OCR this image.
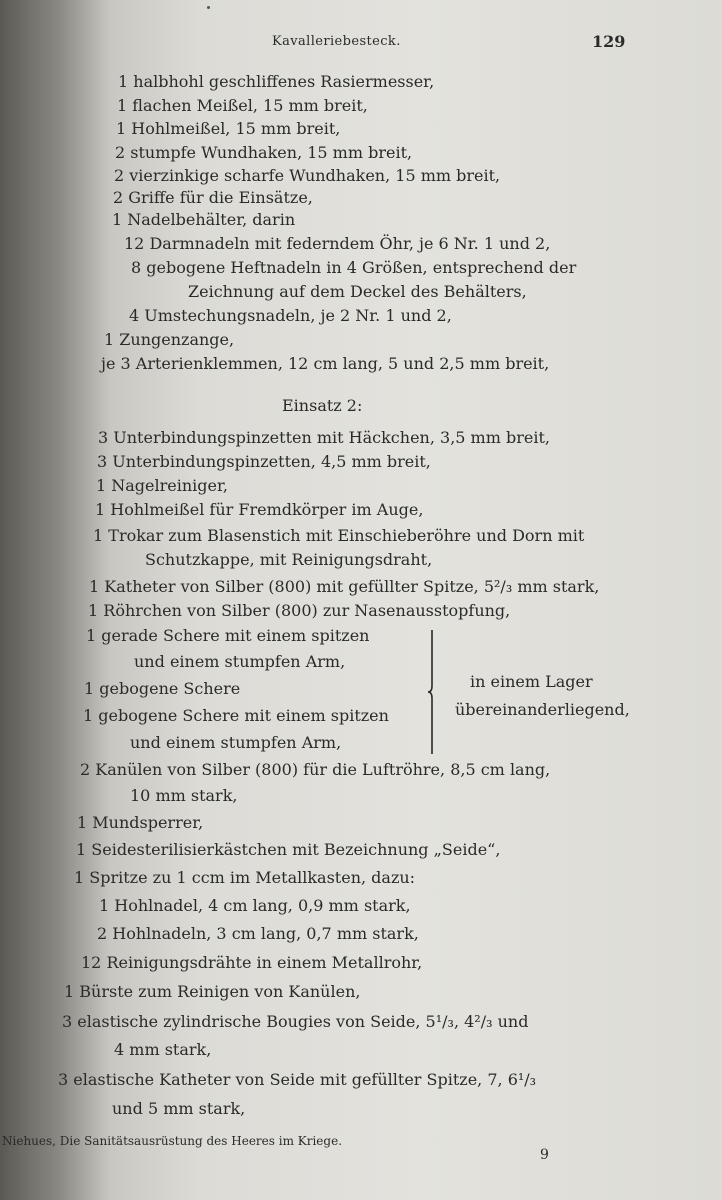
Kavalleriebesteck.	129
1 halbhohl geschliffenes Rasiermesser,
1 flachen Meißel, 15 mm breit,
1 Hohlmeißel, 15 mm breit,
2 stumpfe Wundhaken, 15 mm breit,
2 vierzinkige scharfe Wundhaken, 15 mm breit,
2 Griffe für die Einsätze,
1 Nadelbehälter, darin
12 Darmnadeln mit federndem Öhr, je 6 Nr. 1 und 2,
8 gebogene Heftnadeln in 4 Größen, entsprechend der
Zeichnung auf dem Deckel des Behälters,
4 Umstechungsnadeln, je 2 Nr. 1 und 2,
1 Zungenzange,
je 3 Arterienklemmen, 12 cm lang, 5 und 2,5 mm breit,
Einsatz 2:
3 Unterbindungspinzetten mit Häckchen, 3,5 mm breit,
3 Unterbindungspinzetten, 4,5 mm breit,
1 Nagelreiniger,
1 Hohlmeißel für Fremdkörper im Auge,
1 Trokar zum Blasenstich mit Einschieberöhre und Dorn mit
Schutzkappe, mit Reinigungsdraht,
1 Katheter von Silber (800) mit gefüllter Spitze, 5²/₃ mm stark,
1 Röhrchen von Silber (800) zur Nasenausstopfung,
1 gerade Schere mit einem spitzen
und einem stumpfen Arm,
1 gebogene Schere
1 gebogene Schere mit einem spitzen
und einem stumpfen Arm,
in einem Lager
übereinanderliegend,
2 Kanülen von Silber (800) für die Luftröhre, 8,5 cm lang,
10 mm stark,
1 Mundsperrer,
1 Seidesterilisierkästchen mit Bezeichnung „Seide“,
1 Spritze zu 1 ccm im Metallkasten, dazu:
1 Hohlnadel, 4 cm lang, 0,9 mm stark,
2 Hohlnadeln, 3 cm lang, 0,7 mm stark,
12 Reinigungsdrähte in einem Metallrohr,
1 Bürste zum Reinigen von Kanülen,
3 elastische zylindrische Bougies von Seide, 5¹/₃, 4²/₃ und
4 mm stark,
3 elastische Katheter von Seide mit gefüllter Spitze, 7, 6¹/₃
und 5 mm stark,
Niehues, Die Sanitätsausrüstung des Heeres im Kriege.
9
